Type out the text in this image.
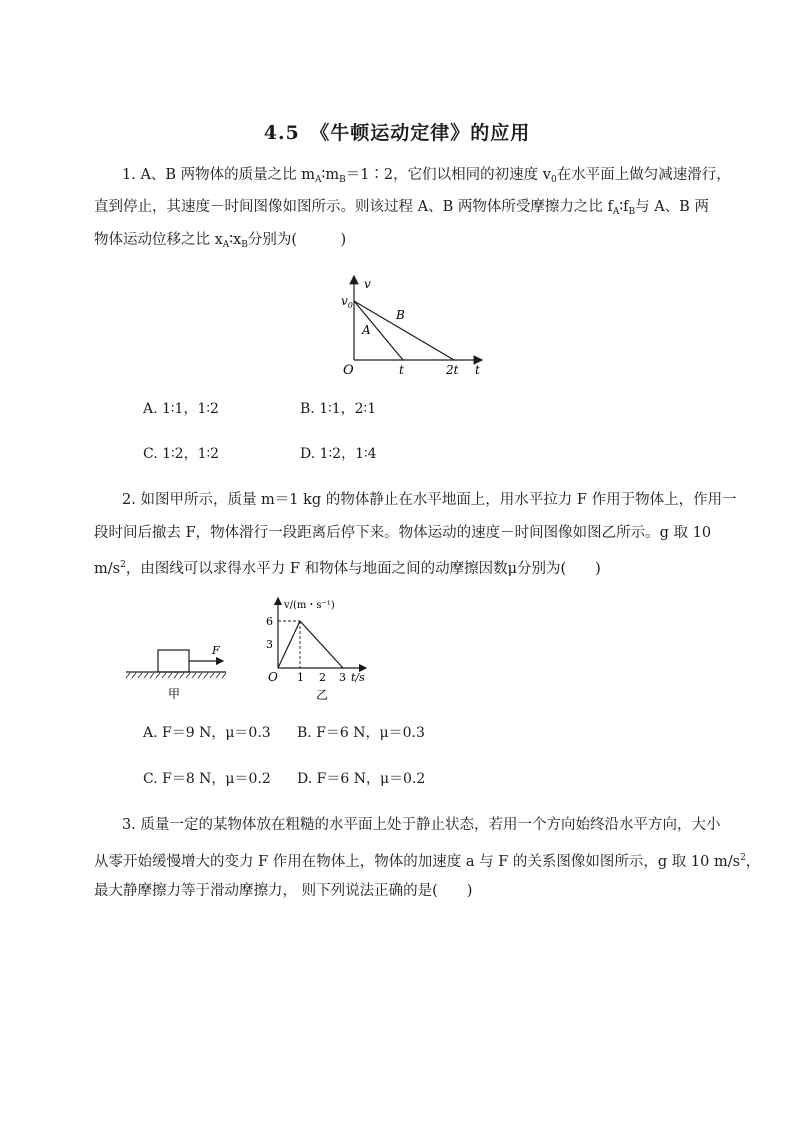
4.5　《牛顿运动定律》的应用
1. A、B 两物体的质量之比 $m_A∶m_B=1∶2$，它们以相同的初速度 $v_0$在水平面上做匀减速滑行，
直到停止，其速度－时间图像如图所示。则该过程 A、B 两物体所受摩擦力之比 $f_A∶f_B$与 A、B 两
物体运动位移之比 $x_A∶x_B$分别为(　　　)
v
$v_0$
O	t	2t t
A
B
A. 1∶1，1∶2	B. 1∶1，2∶1
C. 1∶2，1∶2	D. 1∶2，1∶4
2. 如图甲所示，质量 m＝1 kg 的物体静止在水平地面上，用水平拉力 F 作用于物体上，作用一
段时间后撤去 F，物体滑行一段距离后停下来。物体运动的速度－时间图像如图乙所示。g 取 10
$m/s^2$，由图线可以求得水平力 F 和物体与地面之间的动摩擦因数μ分别为(　　)
F
甲
v/(m・s⁻¹)
6
3
O 1 2 3 t/s
乙
A. F＝9 N，μ＝0.3 B. F＝6 N，μ＝0.3
C. F＝8 N，μ＝0.2 D. F＝6 N，μ＝0.2
3. 质量一定的某物体放在粗糙的水平面上处于静止状态，若用一个方向始终沿水平方向，大小
从零开始缓慢增大的变力 F 作用在物体上，物体的加速度 a 与 F 的关系图像如图所示，g 取 10 $m/s^2$，
最大静摩擦力等于滑动摩擦力， 则下列说法正确的是(　　)
